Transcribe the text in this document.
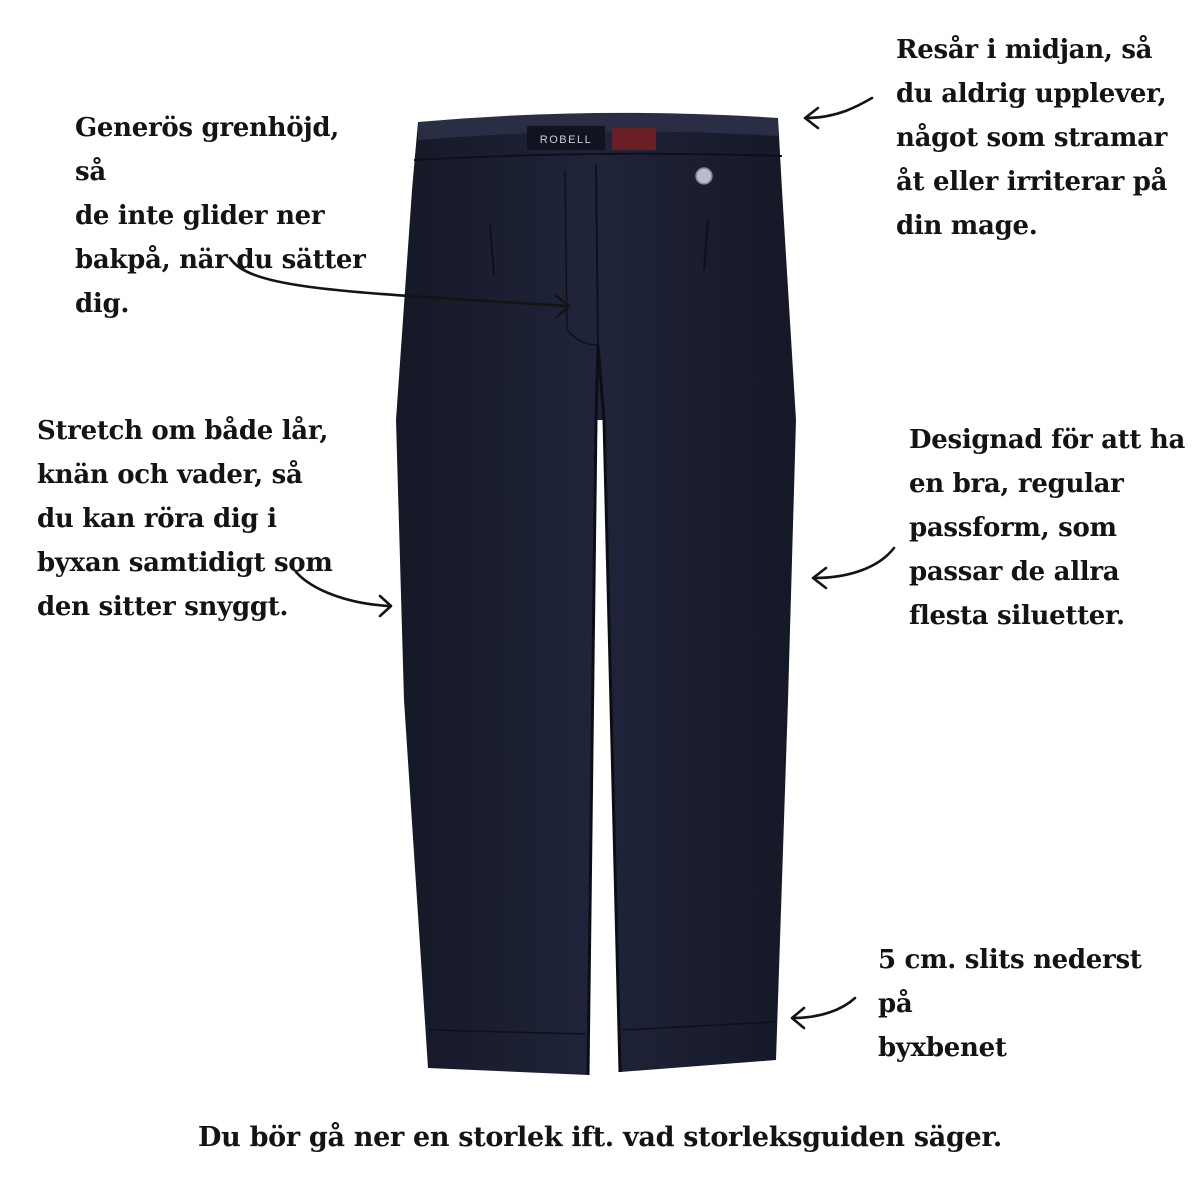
ROBELL
Generös grenhöjd, så
de inte glider ner
bakpå, när du sätter
dig.
Resår i midjan, så
du aldrig upplever,
något som stramar
åt eller irriterar på
din mage.
Stretch om både lår,
knän och vader, så
du kan röra dig i
byxan samtidigt som
den sitter snyggt.
Designad för att ha
en bra, regular
passform, som
passar de allra
flesta siluetter.
5 cm. slits nederst på
byxbenet
Du bör gå ner en storlek ift. vad storleksguiden säger.
